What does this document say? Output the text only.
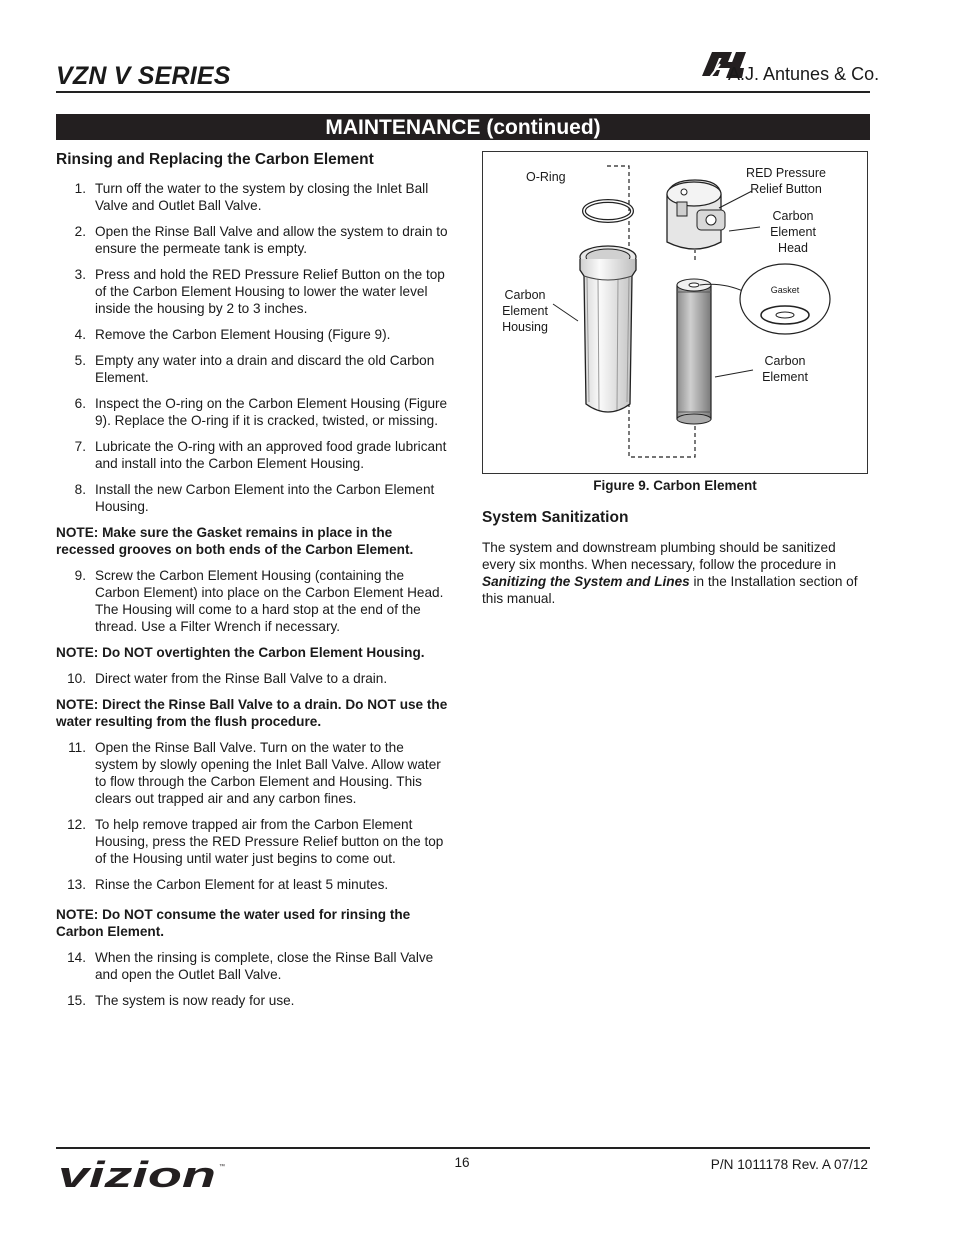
VZN V SERIES	A.J. Antunes & Co.
MAINTENANCE (continued)
Rinsing and Replacing the Carbon Element
1. Turn off the water to the system by closing the Inlet Ball Valve and Outlet Ball Valve.
2. Open the Rinse Ball Valve and allow the system to drain to ensure the permeate tank is empty.
3. Press and hold the RED Pressure Relief Button on the top of the Carbon Element Housing to lower the water level inside the housing by 2 to 3 inches.
4. Remove the Carbon Element Housing (Figure 9).
5. Empty any water into a drain and discard the old Carbon Element.
6. Inspect the O-ring on the Carbon Element Housing (Figure 9). Replace the O-ring if it is cracked, twisted, or missing.
7. Lubricate the O-ring with an approved food grade lubricant and install into the Carbon Element Housing.
8. Install the new Carbon Element into the Carbon Element Housing.
NOTE: Make sure the Gasket remains in place in the recessed grooves on both ends of the Carbon Element.
9. Screw the Carbon Element Housing (containing the Carbon Element) into place on the Carbon Element Head. The Housing will come to a hard stop at the end of the thread. Use a Filter Wrench if necessary.
NOTE: Do NOT overtighten the Carbon Element Housing.
10. Direct water from the Rinse Ball Valve to a drain.
NOTE: Direct the Rinse Ball Valve to a drain. Do NOT use the water resulting from the flush procedure.
11. Open the Rinse Ball Valve. Turn on the water to the system by slowly opening the Inlet Ball Valve. Allow water to flow through the Carbon Element and Housing. This clears out trapped air and any carbon fines.
12. To help remove trapped air from the Carbon Element Housing, press the RED Pressure Relief button on the top of the Housing until water just begins to come out.
13. Rinse the Carbon Element for at least 5 minutes.
NOTE: Do NOT consume the water used for rinsing the Carbon Element.
14. When the rinsing is complete, close the Rinse Ball Valve and open the Outlet Ball Valve.
15. The system is now ready for use.
O-Ring	RED Pressure
Relief Button
Carbon
Element
Head
Gasket
Carbon
Element
Housing
Carbon
Element
Figure 9. Carbon Element
System Sanitization
The system and downstream plumbing should be sanitized every six months. When necessary, follow the procedure in Sanitizing the System and Lines in the Installation section of this manual.
vizion ™	16	P/N 1011178 Rev. A 07/12
